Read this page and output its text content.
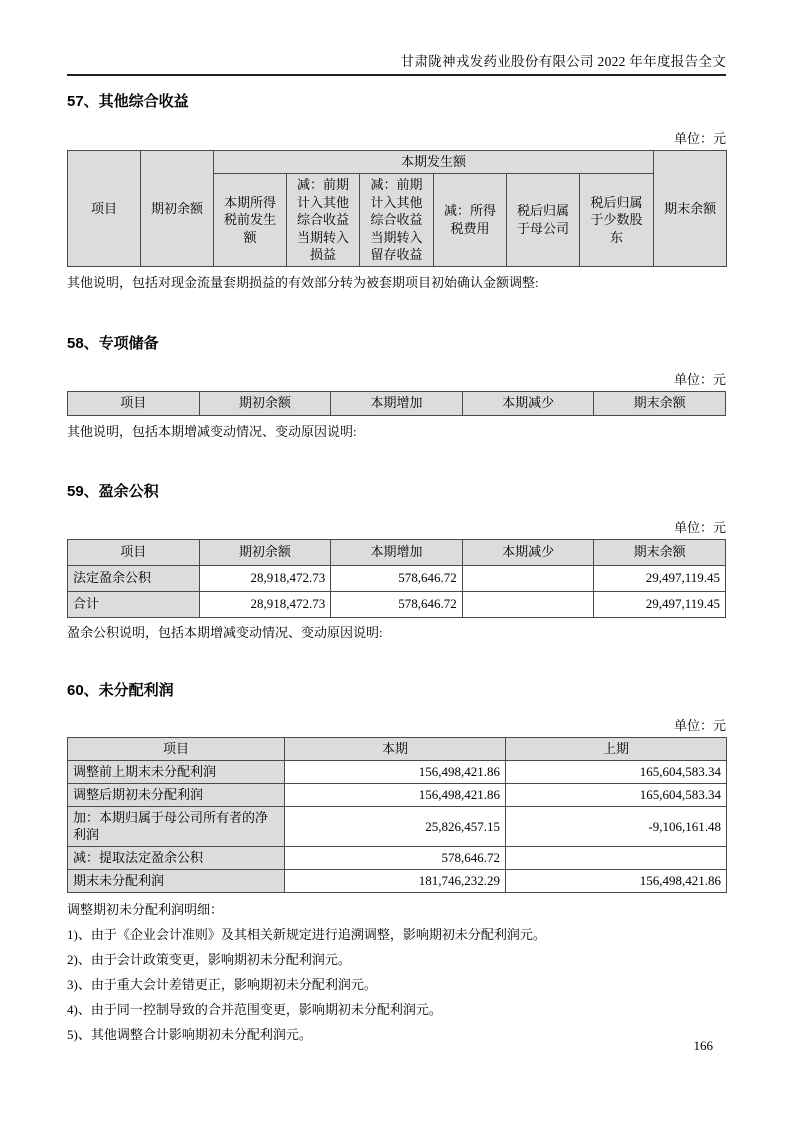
甘肃陇神戎发药业股份有限公司 2022 年年度报告全文
57、其他综合收益
单位：元
项目	期初余额	本期发生额						期末余额
		本期所得税前发生额	减：前期计入其他综合收益当期转入损益	减：前期计入其他综合收益当期转入留存收益	减：所得税费用	税后归属于母公司	税后归属于少数股东	
其他说明，包括对现金流量套期损益的有效部分转为被套期项目初始确认金额调整:
58、专项储备
单位：元
项目	期初余额	本期增加	本期减少	期末余额
其他说明，包括本期增减变动情况、变动原因说明:
59、盈余公积
单位：元
项目	期初余额	本期增加	本期减少	期末余额
法定盈余公积	28,918,472.73	578,646.72		29,497,119.45
合计	28,918,472.73	578,646.72		29,497,119.45
盈余公积说明，包括本期增减变动情况、变动原因说明:
60、未分配利润
单位：元
项目	本期	上期
调整前上期末未分配利润	156,498,421.86	165,604,583.34
调整后期初未分配利润	156,498,421.86	165,604,583.34
加：本期归属于母公司所有者的净利润	25,826,457.15	-9,106,161.48
减：提取法定盈余公积	578,646.72	
期末未分配利润	181,746,232.29	156,498,421.86
调整期初未分配利润明细：
1)、由于《企业会计准则》及其相关新规定进行追溯调整，影响期初未分配利润元。
2)、由于会计政策变更，影响期初未分配利润元。
3)、由于重大会计差错更正，影响期初未分配利润元。
4)、由于同一控制导致的合并范围变更，影响期初未分配利润元。
5)、其他调整合计影响期初未分配利润元。
166
